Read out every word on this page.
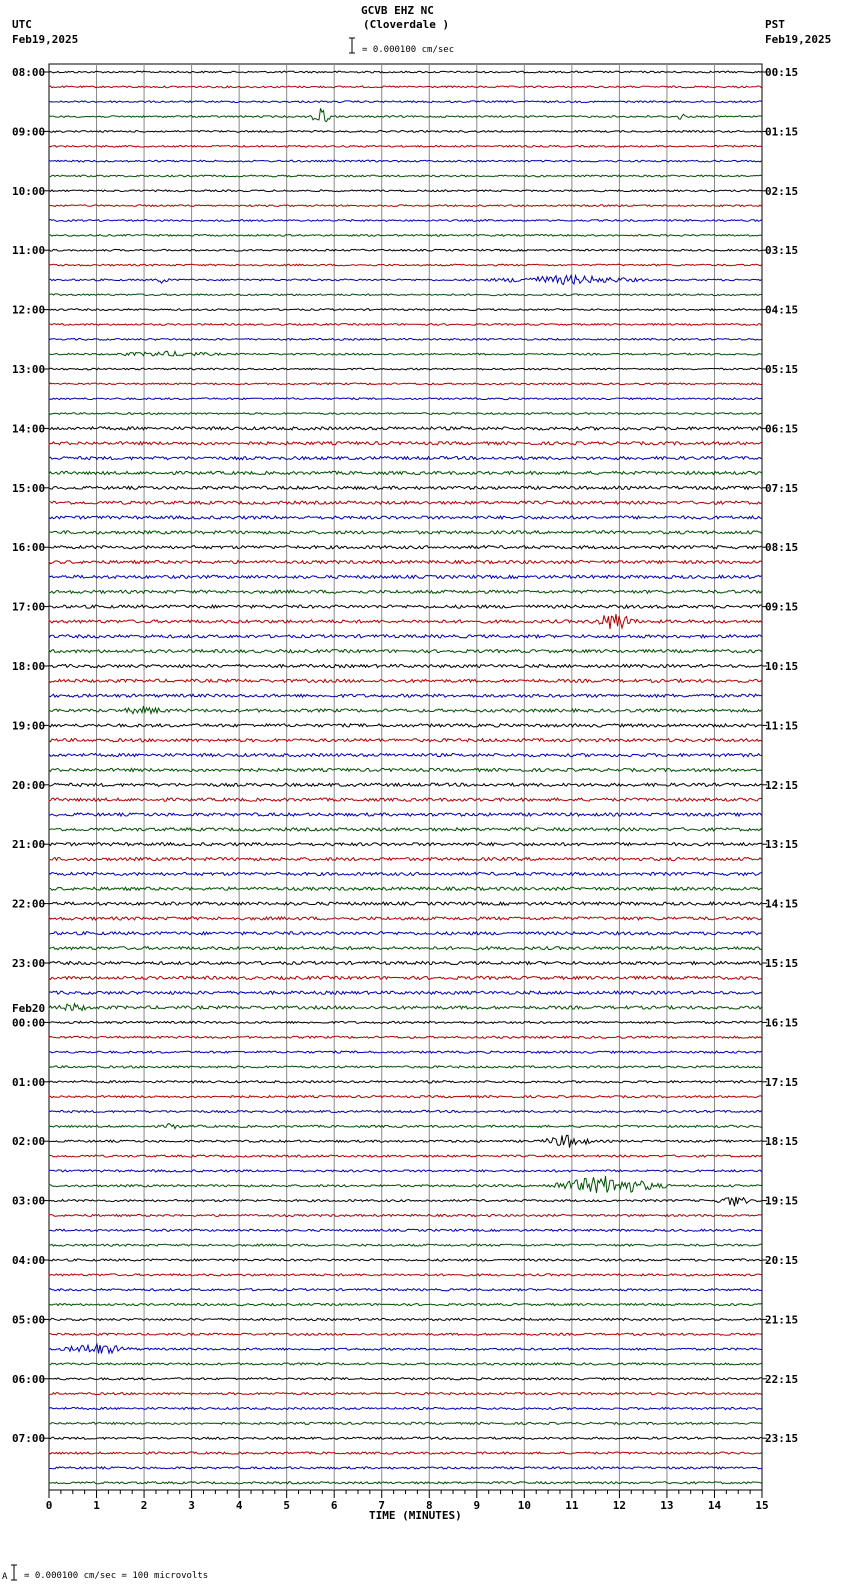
0	1	2	3	4	5	6	7	8	9	10	11	12	13	14	15
08:00	00:15
09:00	01:15
10:00	02:15
11:00	03:15
12:00	04:15
13:00	05:15
14:00	06:15
15:00	07:15
16:00	08:15
17:00	09:15
18:00	10:15
19:00	11:15
20:00	12:15
21:00	13:15
22:00	14:15
23:00	15:15
00:00	16:15
01:00	17:15
02:00	18:15
03:00	19:15
04:00	20:15
05:00	21:15
06:00	22:15
07:00	23:15
GCVB EHZ NC
(Cloverdale )
UTC
Feb19,2025
PST
Feb19,2025
= 0.000100 cm/sec
Feb20
TIME (MINUTES)
A = 0.000100 cm/sec = 100 microvolts
